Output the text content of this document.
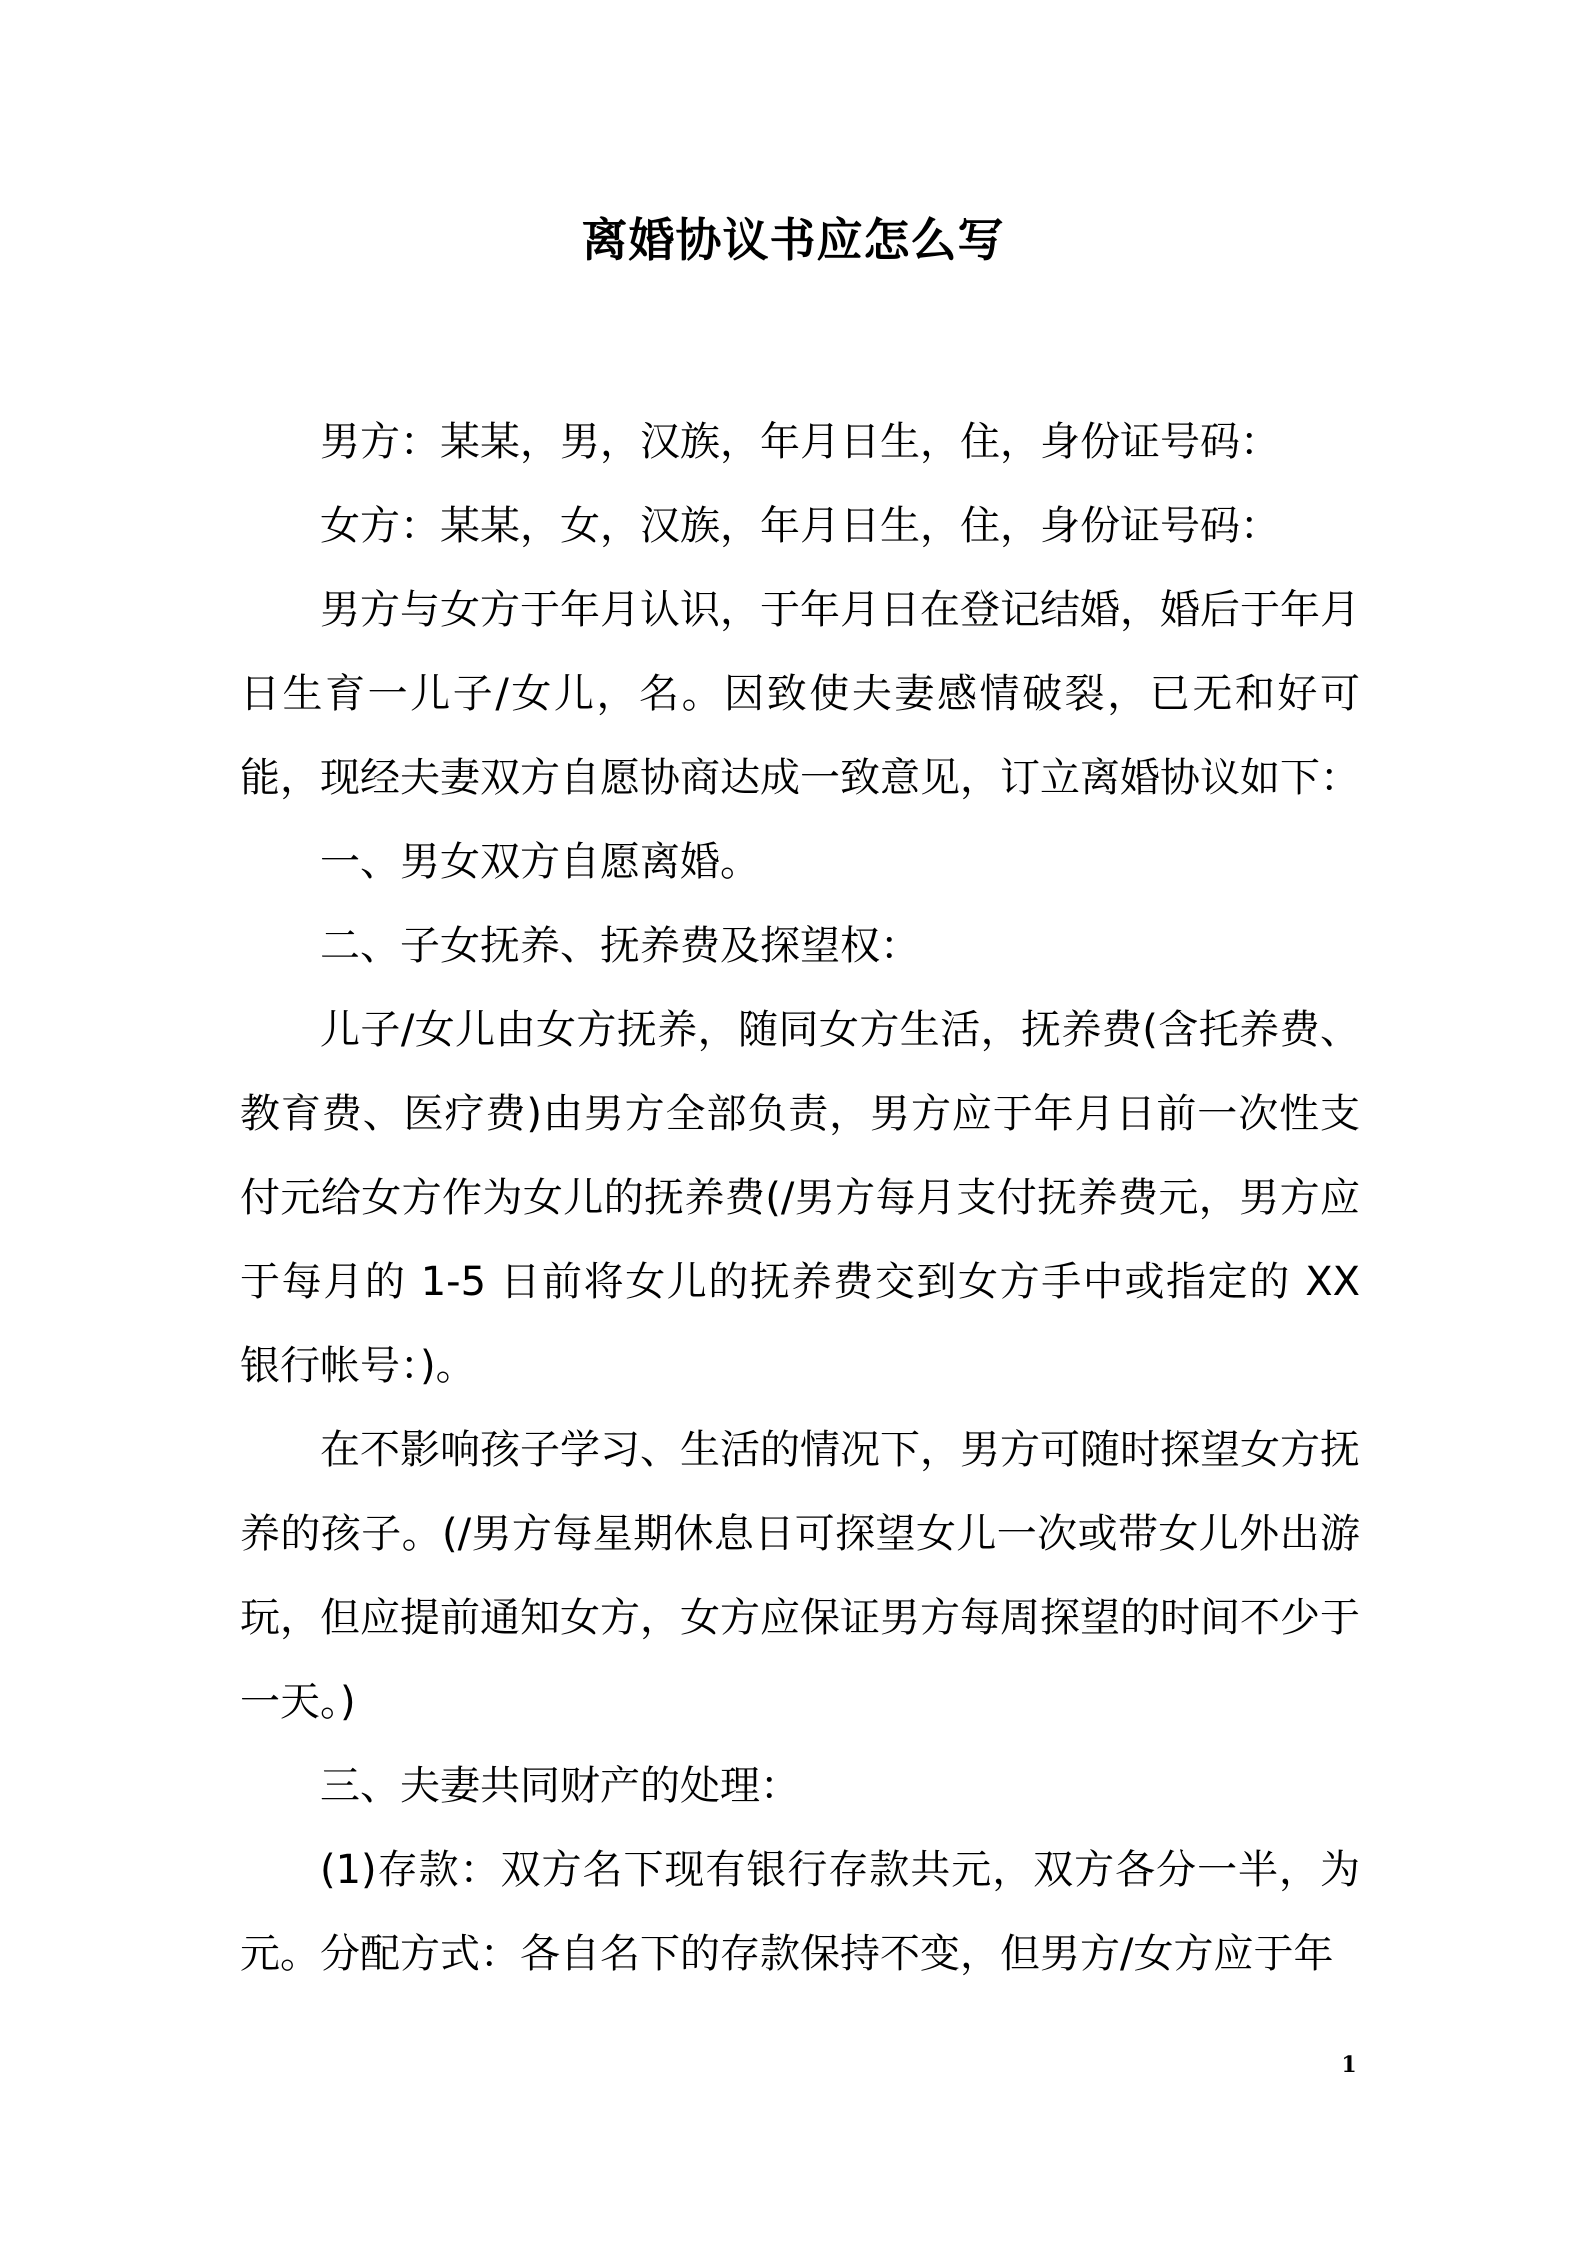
离婚协议书应怎么写

男方：某某，男，汉族，年月日生，住，身份证号码：

女方：某某，女，汉族，年月日生，住，身份证号码：

男方与女方于年月认识，于年月日在登记结婚，婚后于年月日生育一儿子/女儿，名。因致使夫妻感情破裂，已无和好可能，现经夫妻双方自愿协商达成一致意见，订立离婚协议如下：

一、男女双方自愿离婚。

二、子女抚养、抚养费及探望权：

儿子/女儿由女方抚养，随同女方生活，抚养费(含托养费、教育费、医疗费)由男方全部负责，男方应于年月日前一次性支付元给女方作为女儿的抚养费(/男方每月支付抚养费元，男方应于每月的 1-5 日前将女儿的抚养费交到女方手中或指定的 XX 银行帐号：)。

在不影响孩子学习、生活的情况下，男方可随时探望女方抚养的孩子。(/男方每星期休息日可探望女儿一次或带女儿外出游玩，但应提前通知女方，女方应保证男方每周探望的时间不少于一天。)

三、夫妻共同财产的处理：

(1)存款：双方名下现有银行存款共元，双方各分一半，为元。分配方式：各自名下的存款保持不变，但男方/女方应于年

1
